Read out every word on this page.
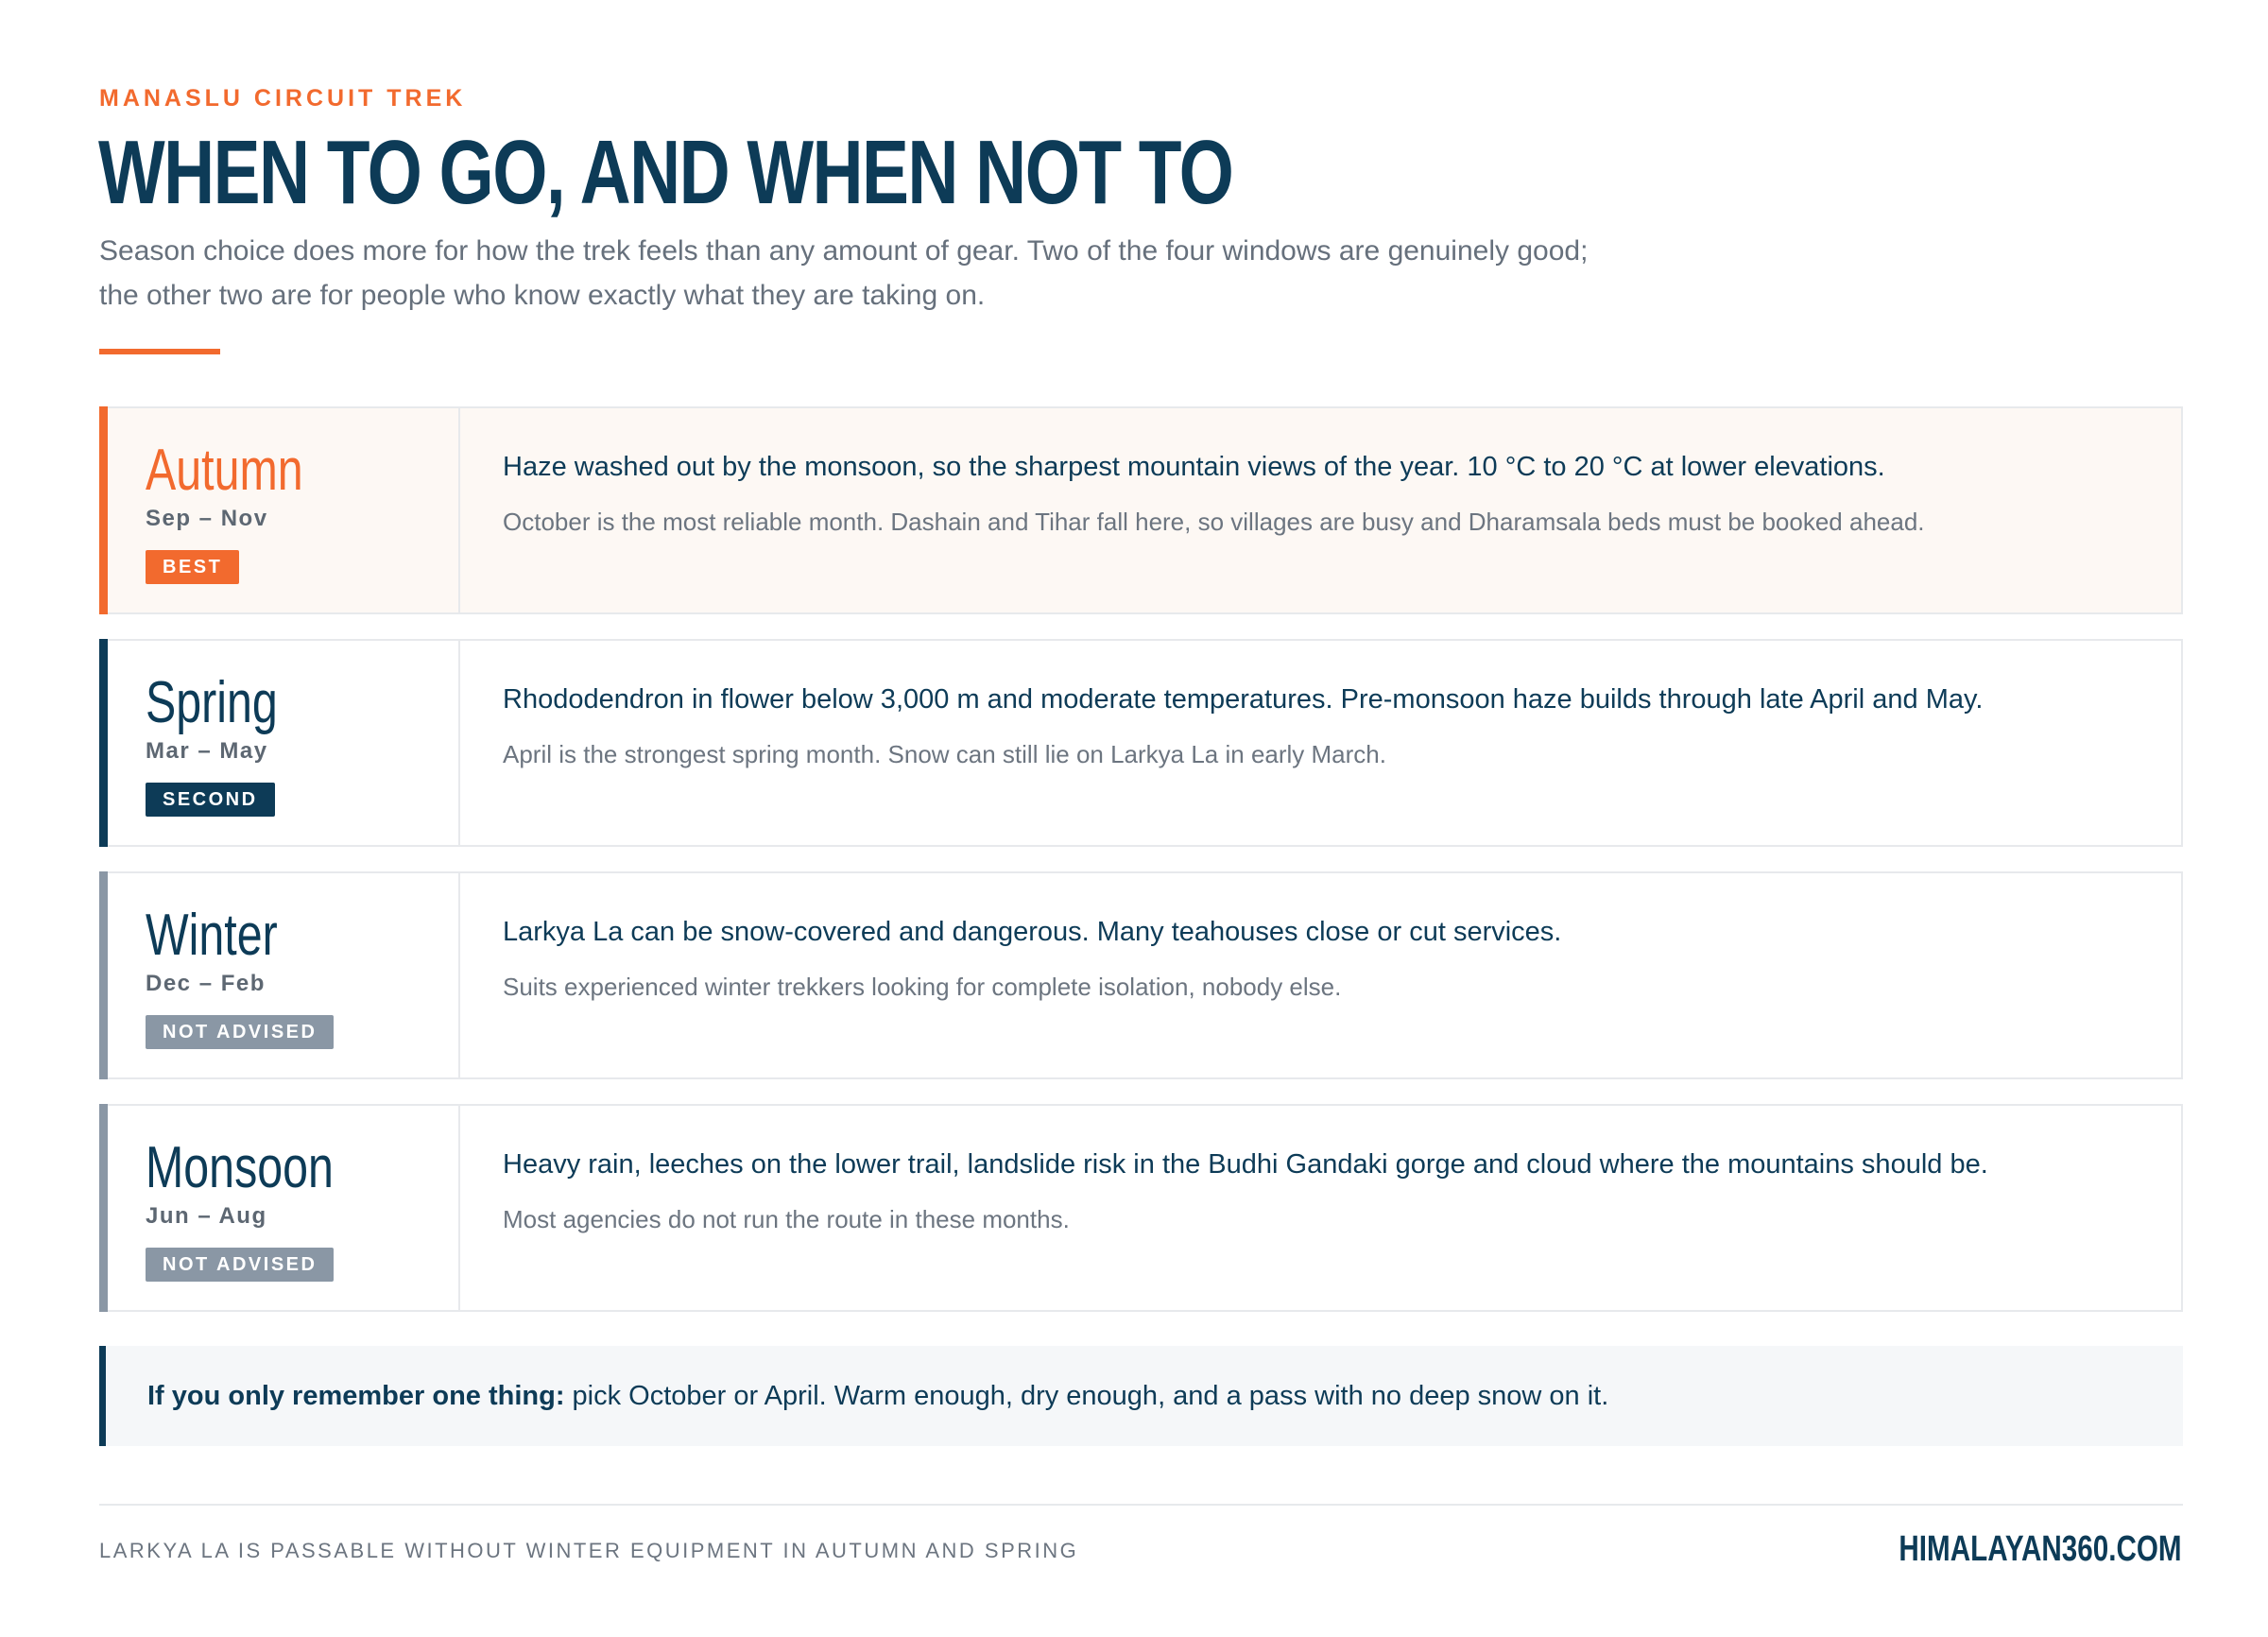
MANASLU CIRCUIT TREK
WHEN TO GO, AND WHEN NOT TO

Season choice does more for how the trek feels than any amount of gear. Two of the four windows are genuinely good;
the other two are for people who know exactly what they are taking on.

Autumn
Sep – Nov
BEST
Haze washed out by the monsoon, so the sharpest mountain views of the year. 10 °C to 20 °C at lower elevations.
October is the most reliable month. Dashain and Tihar fall here, so villages are busy and Dharamsala beds must be booked ahead.
Spring
Mar – May
SECOND
Rhododendron in flower below 3,000 m and moderate temperatures. Pre-monsoon haze builds through late April and May.
April is the strongest spring month. Snow can still lie on Larkya La in early March.
Winter
Dec – Feb
NOT ADVISED
Larkya La can be snow-covered and dangerous. Many teahouses close or cut services.
Suits experienced winter trekkers looking for complete isolation, nobody else.
Monsoon
Jun – Aug
NOT ADVISED
Heavy rain, leeches on the lower trail, landslide risk in the Budhi Gandaki gorge and cloud where the mountains should be.
Most agencies do not run the route in these months.
If you only remember one thing: pick October or April. Warm enough, dry enough, and a pass with no deep snow on it.
LARKYA LA IS PASSABLE WITHOUT WINTER EQUIPMENT IN AUTUMN AND SPRING	HIMALAYAN360.COM
